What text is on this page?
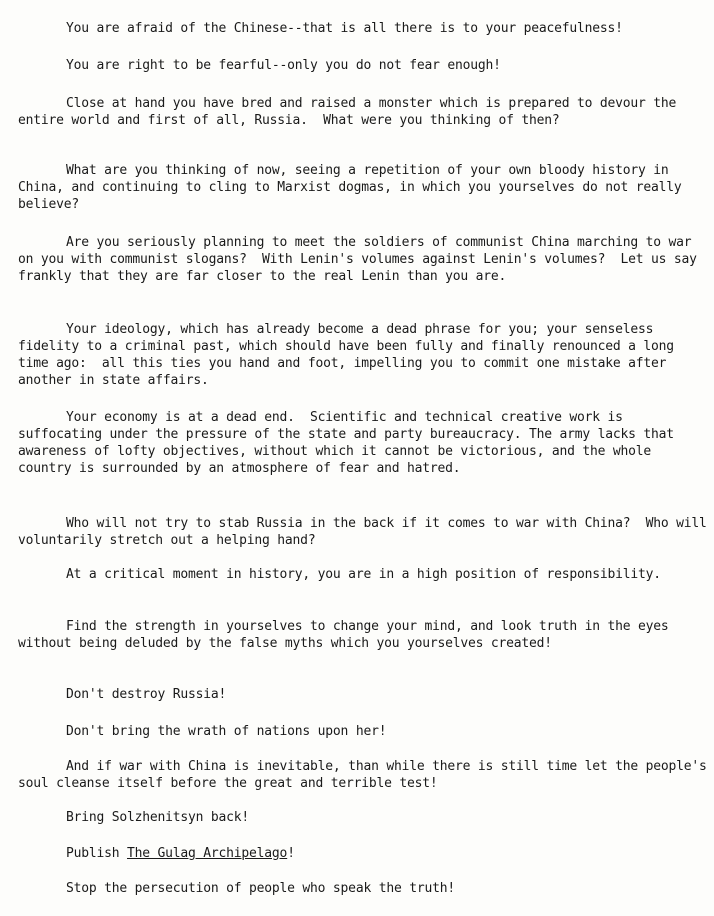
You are afraid of the Chinese--that is all there is to your peacefulness!

You are right to be fearful--only you do not fear enough!

Close at hand you have bred and raised a monster which is prepared to devour the entire world and first of all, Russia.  What were you thinking of then?

What are you thinking of now, seeing a repetition of your own bloody history in China, and continuing to cling to Marxist dogmas, in which you yourselves do not really believe?

Are you seriously planning to meet the soldiers of communist China marching to war on you with communist slogans?  With Lenin's volumes against Lenin's volumes?  Let us say frankly that they are far closer to the real Lenin than you are.

Your ideology, which has already become a dead phrase for you; your senseless fidelity to a criminal past, which should have been fully and finally renounced a long time ago:  all this ties you hand and foot, impelling you to commit one mistake after another in state affairs.

Your economy is at a dead end.  Scientific and technical creative work is suffocating under the pressure of the state and party bureaucracy. The army lacks that awareness of lofty objectives, without which it cannot be victorious, and the whole country is surrounded by an atmosphere of fear and hatred.

Who will not try to stab Russia in the back if it comes to war with China?  Who will voluntarily stretch out a helping hand?

At a critical moment in history, you are in a high position of responsibility.

Find the strength in yourselves to change your mind, and look truth in the eyes without being deluded by the false myths which you yourselves created!

Don't destroy Russia!

Don't bring the wrath of nations upon her!

And if war with China is inevitable, than while there is still time let the people's soul cleanse itself before the great and terrible test!

Bring Solzhenitsyn back!

Publish The Gulag Archipelago!

Stop the persecution of people who speak the truth!
